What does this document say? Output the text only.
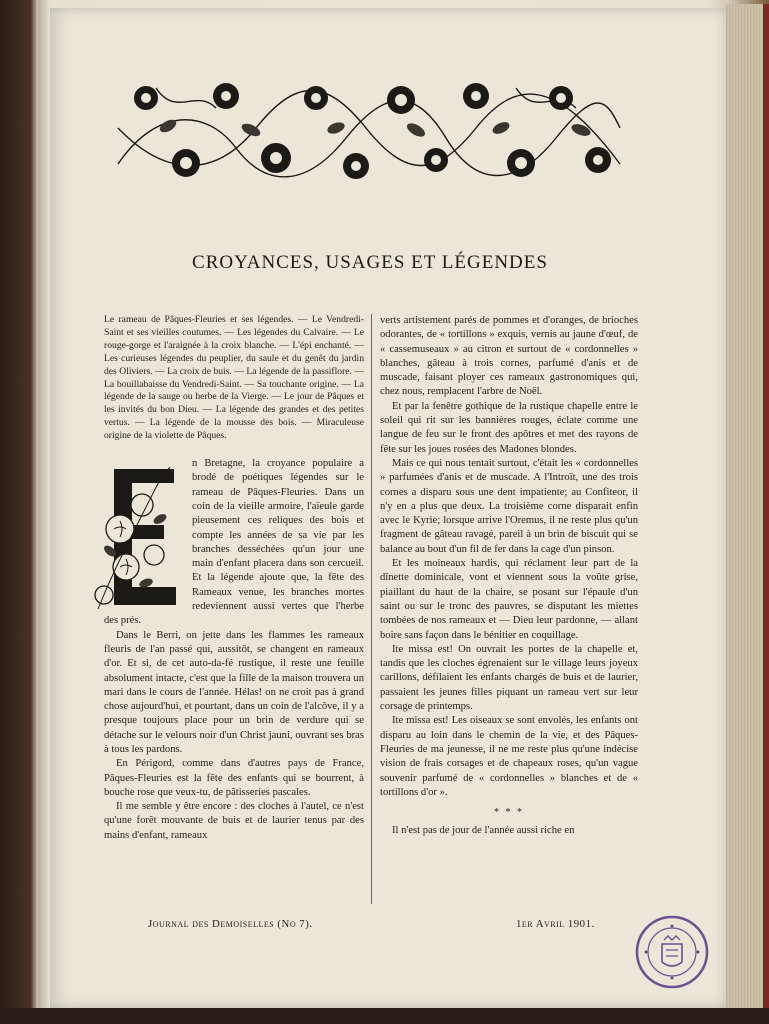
CROYANCES, USAGES ET LÉGENDES

Le rameau de Pâques-Fleuries et ses légendes. — Le Vendredi-Saint et ses vieilles coutumes. — Les légendes du Calvaire. — Le rouge-gorge et l'araignée à la croix blanche. — L'épi enchanté. — Les curieuses légendes du peuplier, du saule et du genêt du jardin des Oliviers. — La croix de buis. — La légende de la passiflore. — La bouillabaisse du Vendredi-Saint. — Sa touchante origine. — La légende de la sauge ou herbe de la Vierge. — Le jour de Pâques et les invités du bon Dieu. — La légende des grandes et des petites vertus. — La légende de la mousse des bois. — Miraculeuse origine de la violette de Pâques.

n Bretagne, la croyance populaire a brodé de poétiques légendes sur le rameau de Pâques-Fleuries. Dans un coin de la vieille armoire, l'aïeule garde pieusement ces reliques des bois et compte les années de sa vie par les branches desséchées qu'un jour une main d'enfant placera dans son cercueil. Et la légende ajoute que, la fête des Rameaux venue, les branches mortes redeviennent aussi vertes que l'herbe des prés.

Dans le Berri, on jette dans les flammes les rameaux fleuris de l'an passé qui, aussitôt, se changent en rameaux d'or. Et si, de cet auto-da-fé rustique, il reste une feuille absolument intacte, c'est que la fille de la maison trouvera un mari dans le cours de l'année. Hélas! on ne croit pas à grand chose aujourd'hui, et pourtant, dans un coin de l'alcôve, il y a presque toujours place pour un brin de verdure qui se détache sur le velours noir d'un Christ jauni, ouvrant ses bras à tous les pardons.

En Périgord, comme dans d'autres pays de France, Pâques-Fleuries est la fête des enfants qui se bourrent, à bouche rose que veux-tu, de pâtisseries pascales.

Il me semble y être encore : des cloches à l'autel, ce n'est qu'une forêt mouvante de buis et de laurier tenus par des mains d'enfant, rameaux

verts artistement parés de pommes et d'oranges, de brioches odorantes, de « tortillons » exquis, vernis au jaune d'œuf, de « cassemuseaux » au citron et surtout de « cordonnelles » blanches, gâteau à trois cornes, parfumé d'anis et de muscade, faisant ployer ces rameaux gastronomiques qui, chez nous, remplacent l'arbre de Noël.

Et par la fenêtre gothique de la rustique chapelle entre le soleil qui rit sur les bannières rouges, éclate comme une langue de feu sur le front des apôtres et met des rayons de fête sur les joues rosées des Madones blondes.

Mais ce qui nous tentait surtout, c'était les « cordonnelles » parfumées d'anis et de muscade. A l'Introït, une des trois cornes a disparu sous une dent impatiente; au Confiteor, il n'y en a plus que deux. La troisième corne disparait enfin avec le Kyrie; lorsque arrive l'Oremus, il ne reste plus qu'un fragment de gâteau ravagé, pareil à un brin de biscuit qui se balance au bout d'un fil de fer dans la cage d'un pinson.

Et les moineaux hardis, qui réclament leur part de la dînette dominicale, vont et viennent sous la voûte grise, piaillant du haut de la chaire, se posant sur l'épaule d'un saint ou sur le tronc des pauvres, se disputant les miettes tombées de nos rameaux et — Dieu leur pardonne, — allant boire sans façon dans le bénitier en coquillage.

Ite missa est! On ouvrait les portes de la chapelle et, tandis que les cloches égrenaient sur le village leurs joyeux carillons, défilaient les enfants chargés de buis et de laurier, passaient les jeunes filles piquant un rameau vert sur leur corsage de printemps.

Ite missa est! Les oiseaux se sont envolés, les enfants ont disparu au loin dans le chemin de la vie, et des Pâques-Fleuries de ma jeunesse, il ne me reste plus qu'une indécise vision de frais corsages et de chapeaux roses, qu'un vague souvenir parfumé de « cordonnelles » blanches et de « tortillons d'or ».

* * *

Il n'est pas de jour de l'année aussi riche en

Journal des Demoiselles (No 7).	1er Avril 1901.
